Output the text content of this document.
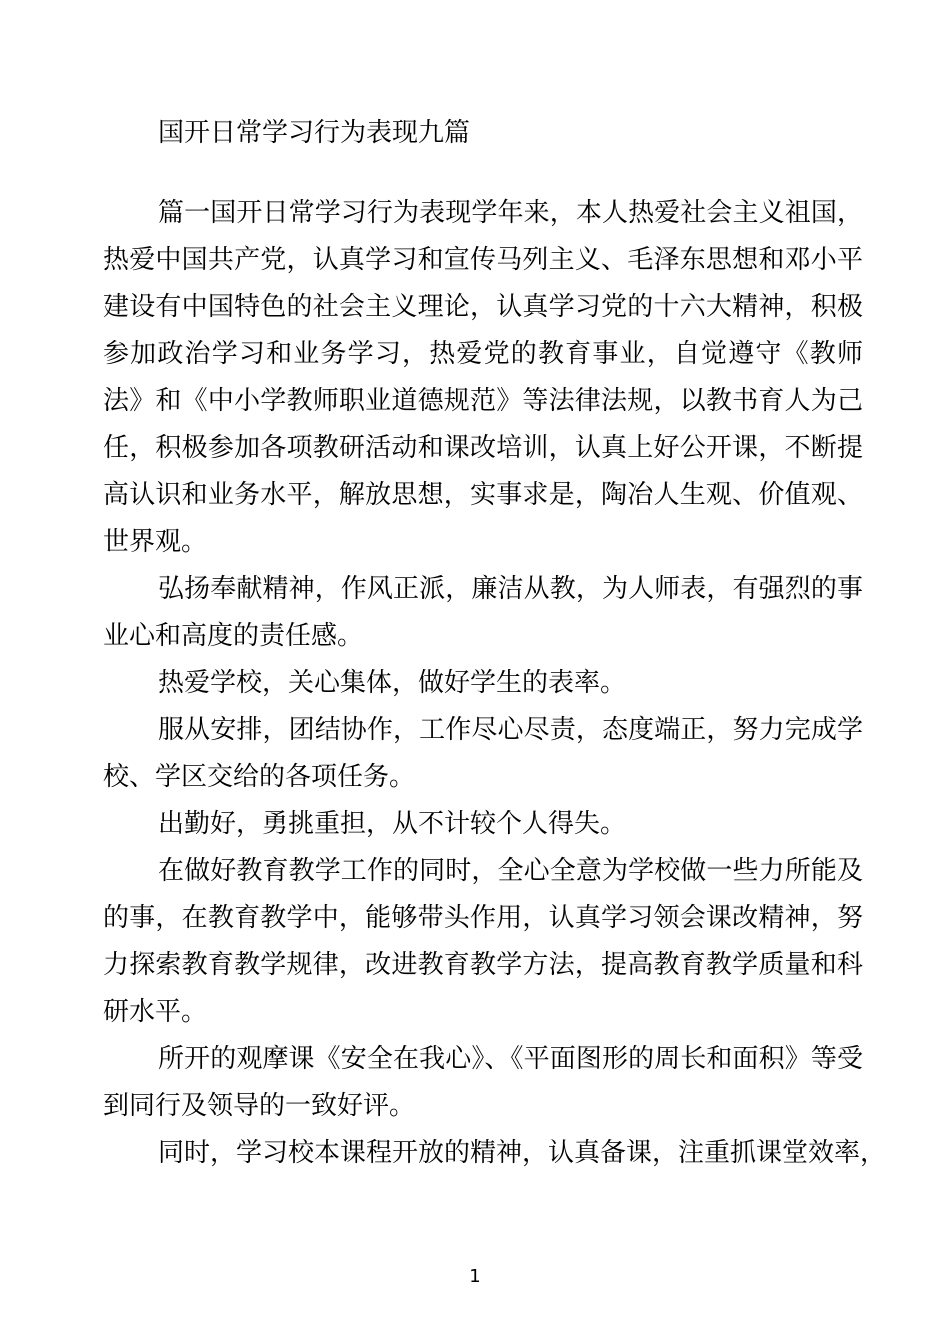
国开日常学习行为表现九篇

篇一国开日常学习行为表现学年来，本人热爱社会主义祖国，热爱中国共产党，认真学习和宣传马列主义、毛泽东思想和邓小平建设有中国特色的社会主义理论，认真学习党的十六大精神，积极参加政治学习和业务学习，热爱党的教育事业，自觉遵守《教师法》和《中小学教师职业道德规范》等法律法规，以教书育人为己任，积极参加各项教研活动和课改培训，认真上好公开课，不断提高认识和业务水平，解放思想，实事求是，陶冶人生观、价值观、世界观。

弘扬奉献精神，作风正派，廉洁从教，为人师表，有强烈的事业心和高度的责任感。

热爱学校，关心集体，做好学生的表率。

服从安排，团结协作，工作尽心尽责，态度端正，努力完成学校、学区交给的各项任务。

出勤好，勇挑重担，从不计较个人得失。

在做好教育教学工作的同时，全心全意为学校做一些力所能及的事，在教育教学中，能够带头作用，认真学习领会课改精神，努力探索教育教学规律，改进教育教学方法，提高教育教学质量和科研水平。

所开的观摩课《安全在我心》、《平面图形的周长和面积》等受到同行及领导的一致好评。

同时，学习校本课程开放的精神，认真备课，注重抓课堂效率，

1
